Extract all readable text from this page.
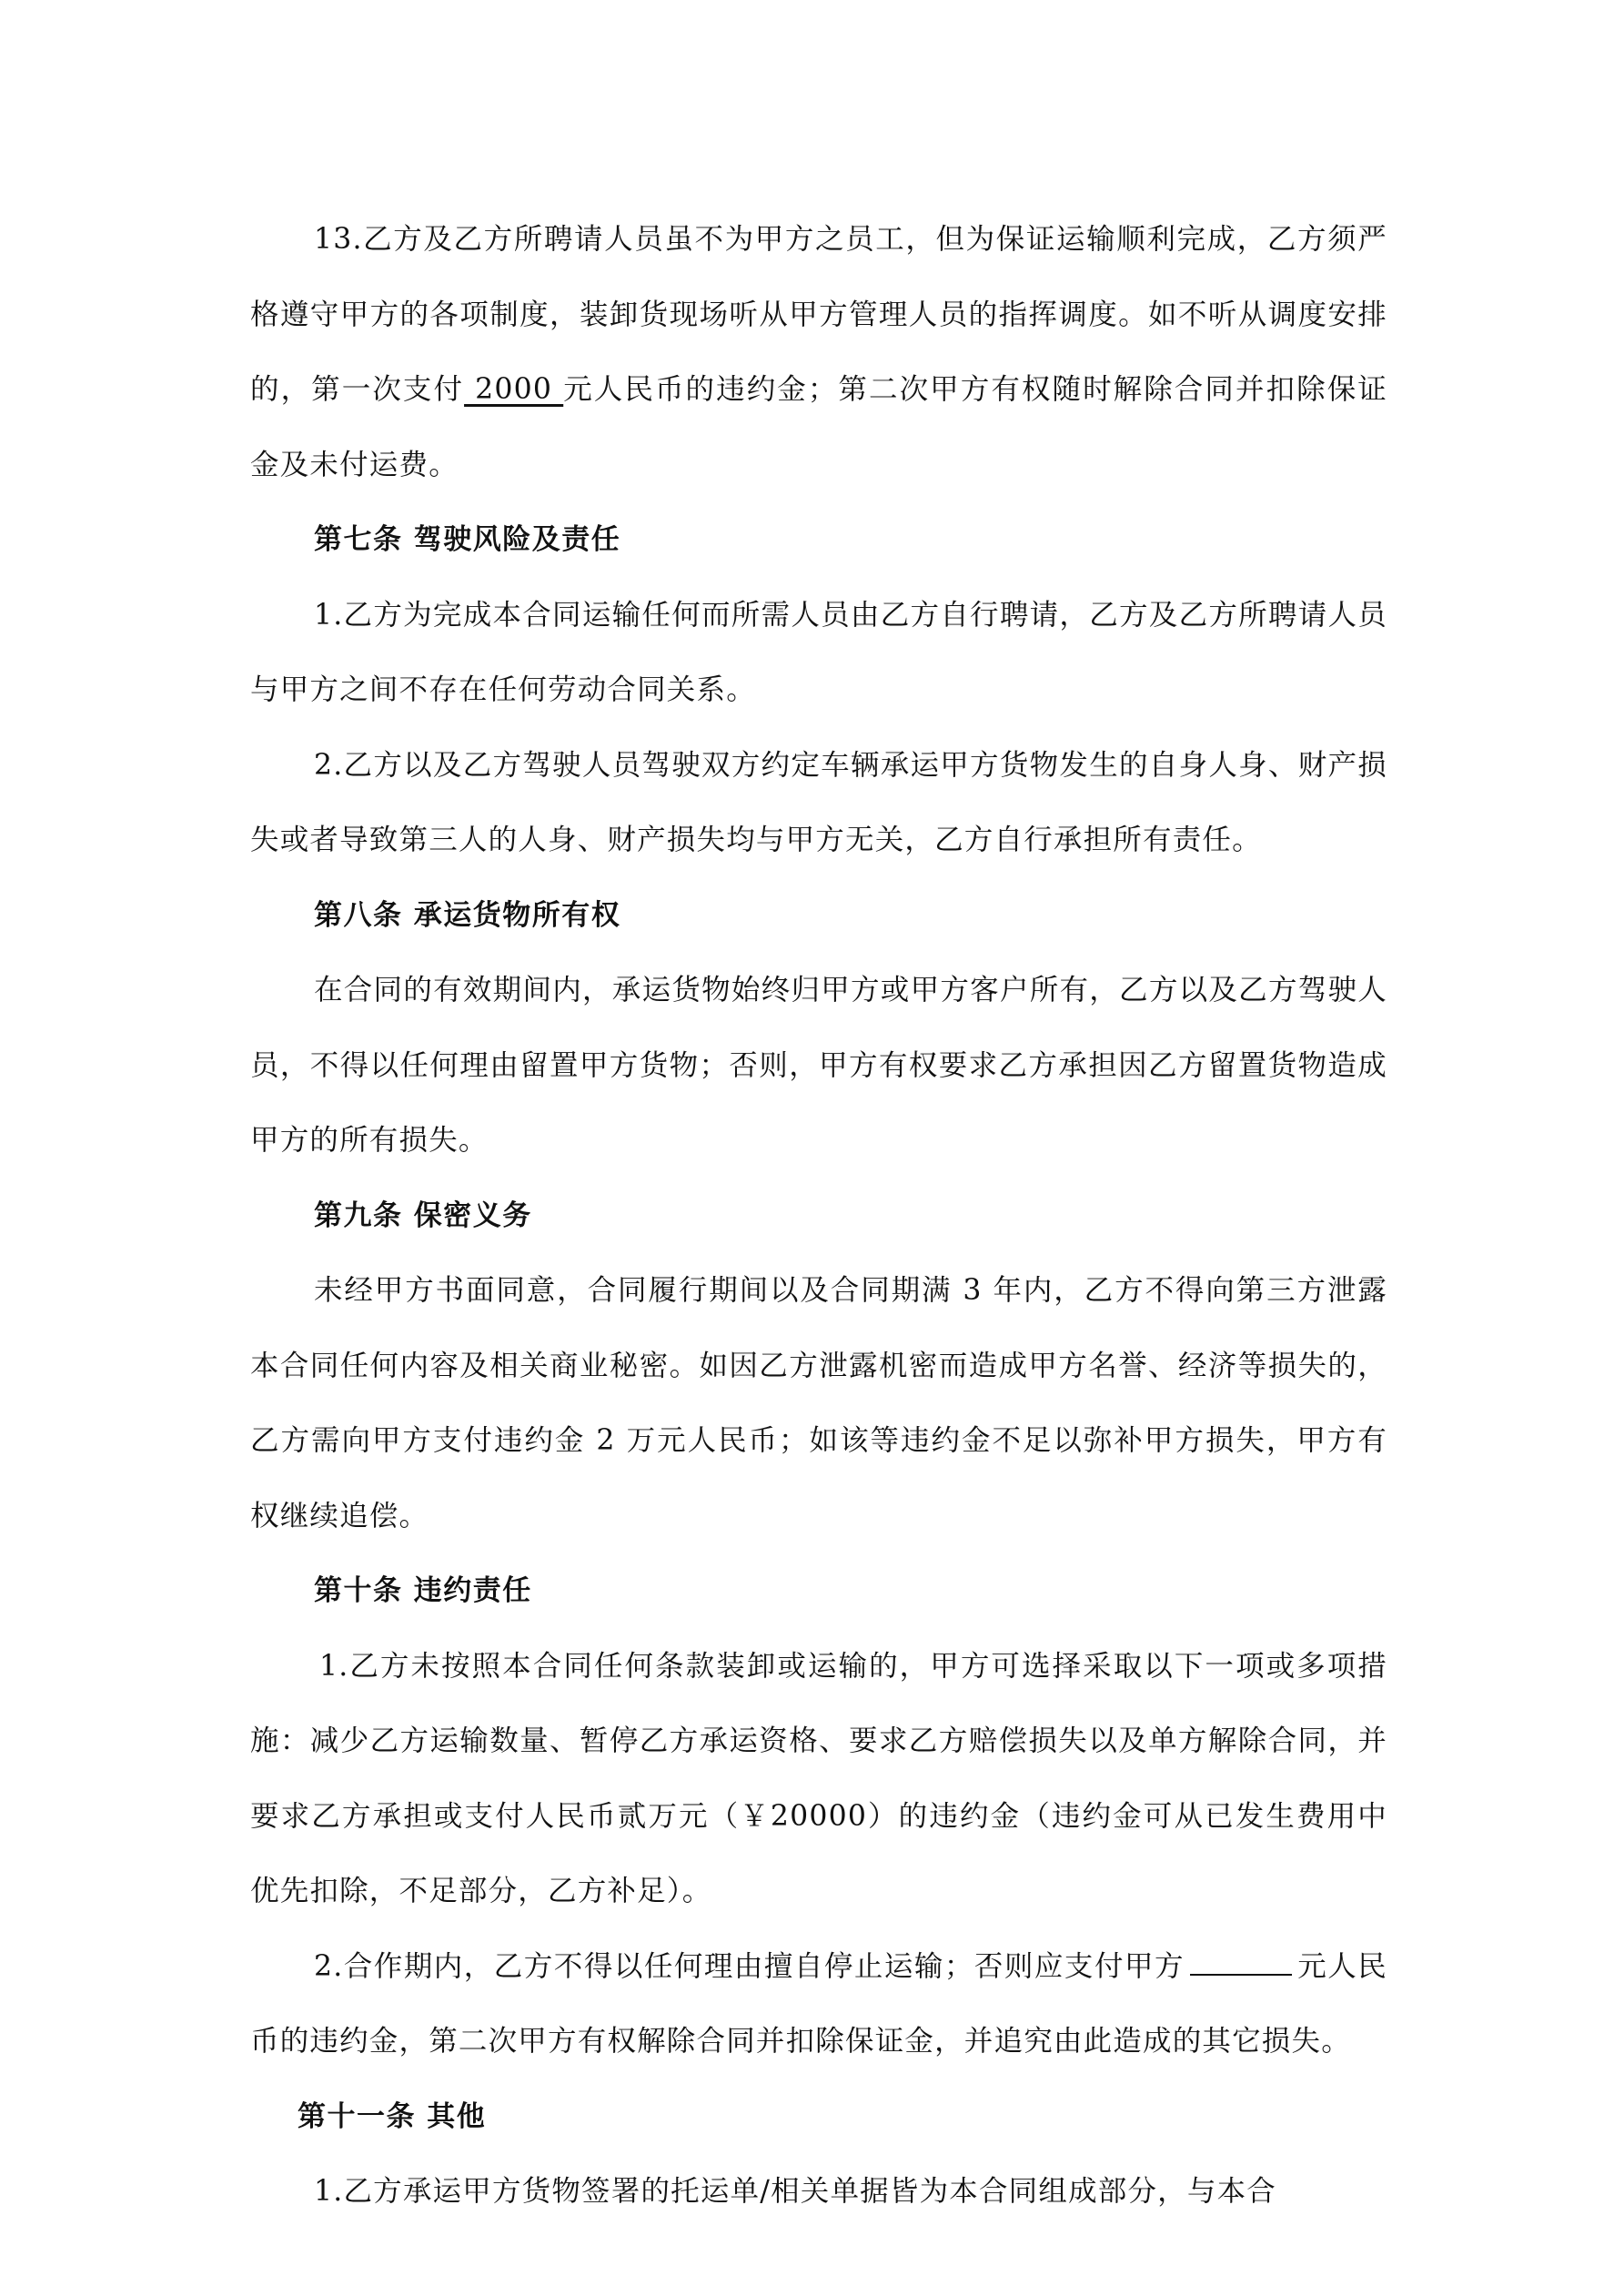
13.乙方及乙方所聘请人员虽不为甲方之员工，但为保证运输顺利完成，乙方须严格遵守甲方的各项制度，装卸货现场听从甲方管理人员的指挥调度。如不听从调度安排的，第一次支付 2000 元人民币的违约金；第二次甲方有权随时解除合同并扣除保证金及未付运费。

第七条 驾驶风险及责任

1.乙方为完成本合同运输任何而所需人员由乙方自行聘请，乙方及乙方所聘请人员与甲方之间不存在任何劳动合同关系。

2.乙方以及乙方驾驶人员驾驶双方约定车辆承运甲方货物发生的自身人身、财产损失或者导致第三人的人身、财产损失均与甲方无关，乙方自行承担所有责任。

第八条 承运货物所有权

在合同的有效期间内，承运货物始终归甲方或甲方客户所有，乙方以及乙方驾驶人员，不得以任何理由留置甲方货物；否则，甲方有权要求乙方承担因乙方留置货物造成甲方的所有损失。

第九条 保密义务

未经甲方书面同意，合同履行期间以及合同期满 3 年内，乙方不得向第三方泄露本合同任何内容及相关商业秘密。如因乙方泄露机密而造成甲方名誉、经济等损失的，乙方需向甲方支付违约金 2 万元人民币；如该等违约金不足以弥补甲方损失，甲方有权继续追偿。

第十条 违约责任

1.乙方未按照本合同任何条款装卸或运输的，甲方可选择采取以下一项或多项措施：减少乙方运输数量、暂停乙方承运资格、要求乙方赔偿损失以及单方解除合同，并要求乙方承担或支付人民币贰万元（￥20000）的违约金（违约金可从已发生费用中优先扣除，不足部分，乙方补足）。

2.合作期内，乙方不得以任何理由擅自停止运输；否则应支付甲方	元人民币的违约金，第二次甲方有权解除合同并扣除保证金，并追究由此造成的其它损失。

第十一条 其他

1.乙方承运甲方货物签署的托运单/相关单据皆为本合同组成部分，与本合
